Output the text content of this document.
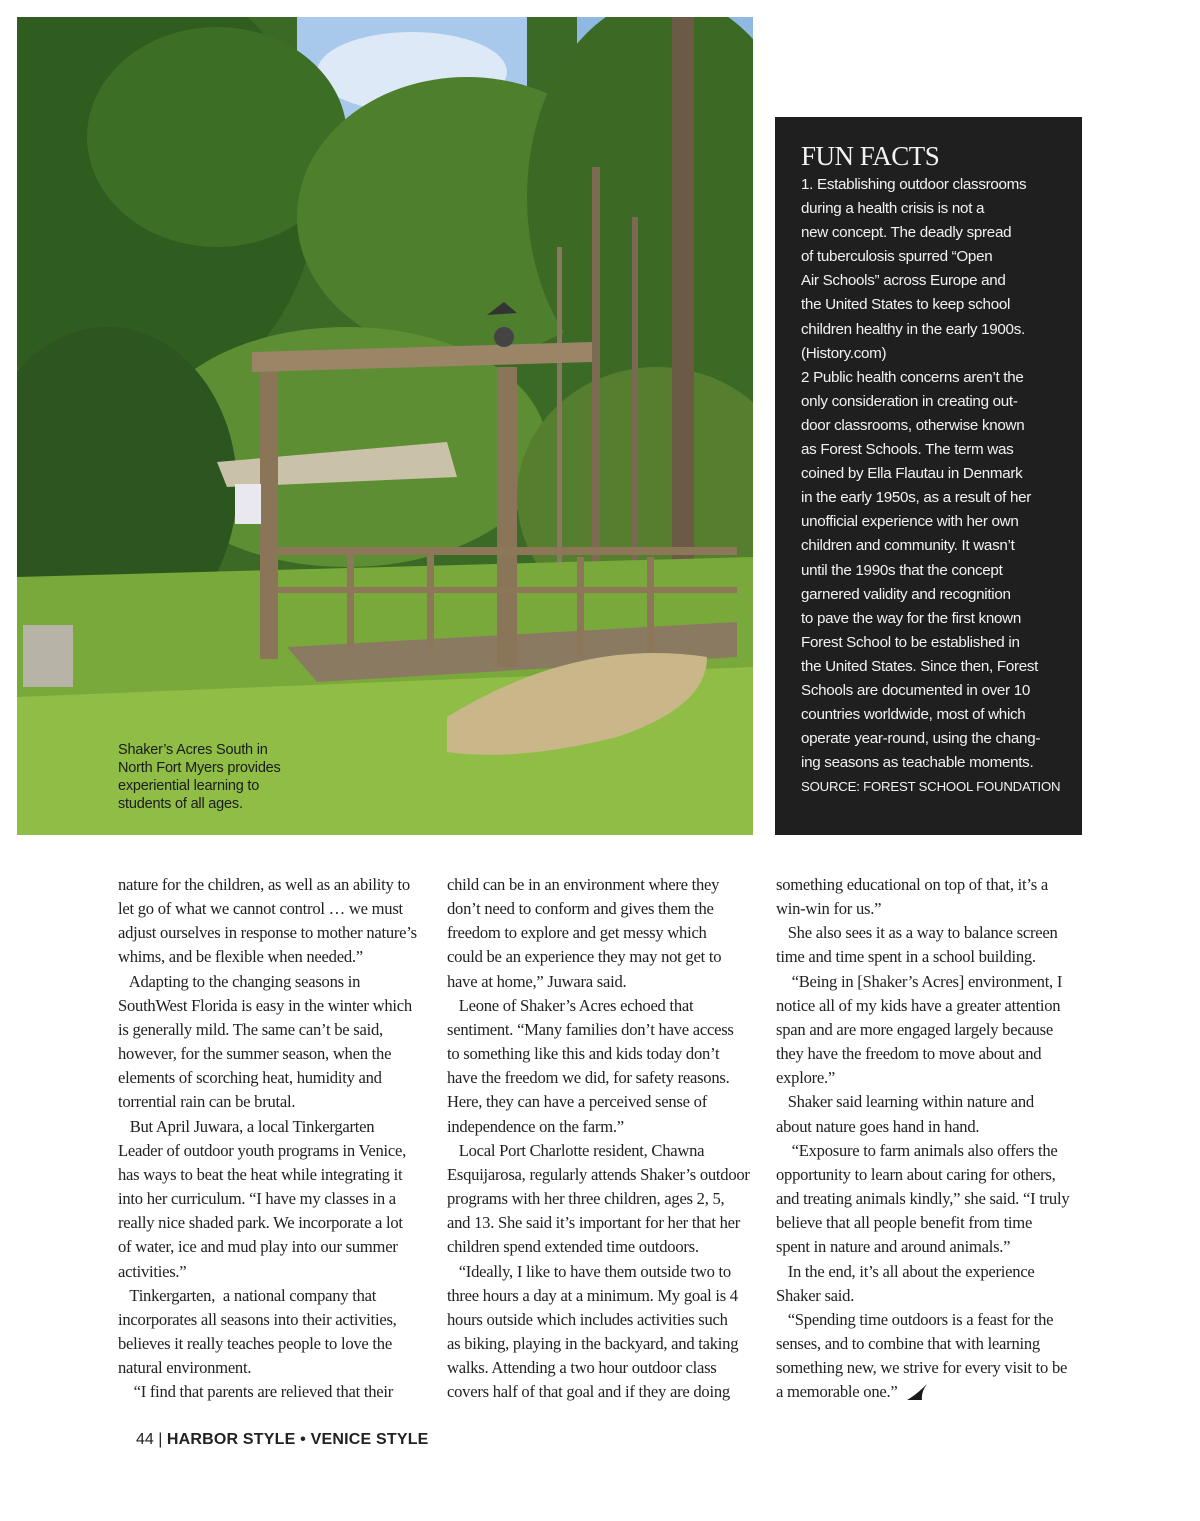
Shaker’s Acres South in North Fort Myers provides experiential learning to students of all ages.
FUN FACTS
1. Establishing outdoor classrooms
during a health crisis is not a
new concept. The deadly spread
of tuberculosis spurred “Open
Air Schools” across Europe and
the United States to keep school
children healthy in the early 1900s.
(History.com)
2 Public health concerns aren’t the
only consideration in creating out-
door classrooms, otherwise known
as Forest Schools. The term was
coined by Ella Flautau in Denmark
in the early 1950s, as a result of her
unofficial experience with her own
children and community. It wasn’t
until the 1990s that the concept
garnered validity and recognition
to pave the way for the first known
Forest School to be established in
the United States. Since then, Forest
Schools are documented in over 10
countries worldwide, most of which
operate year-round, using the chang-
ing seasons as teachable moments.
SOURCE: FOREST SCHOOL FOUNDATION
nature for the children, as well as an ability to
let go of what we cannot control … we must
adjust ourselves in response to mother nature’s
whims, and be flexible when needed.”
Adapting to the changing seasons in
SouthWest Florida is easy in the winter which
is generally mild. The same can’t be said,
however, for the summer season, when the
elements of scorching heat, humidity and
torrential rain can be brutal.
But April Juwara, a local Tinkergarten
Leader of outdoor youth programs in Venice,
has ways to beat the heat while integrating it
into her curriculum. “I have my classes in a
really nice shaded park. We incorporate a lot
of water, ice and mud play into our summer
activities.”
Tinkergarten,  a national company that
incorporates all seasons into their activities,
believes it really teaches people to love the
natural environment.
“I find that parents are relieved that their
child can be in an environment where they
don’t need to conform and gives them the
freedom to explore and get messy which
could be an experience they may not get to
have at home,” Juwara said.
Leone of Shaker’s Acres echoed that
sentiment. “Many families don’t have access
to something like this and kids today don’t
have the freedom we did, for safety reasons.
Here, they can have a perceived sense of
independence on the farm.”
Local Port Charlotte resident, Chawna
Esquijarosa, regularly attends Shaker’s outdoor
programs with her three children, ages 2, 5,
and 13. She said it’s important for her that her
children spend extended time outdoors.
“Ideally, I like to have them outside two to
three hours a day at a minimum. My goal is 4
hours outside which includes activities such
as biking, playing in the backyard, and taking
walks. Attending a two hour outdoor class
covers half of that goal and if they are doing
something educational on top of that, it’s a
win-win for us.”
She also sees it as a way to balance screen
time and time spent in a school building.
“Being in [Shaker’s Acres] environment, I
notice all of my kids have a greater attention
span and are more engaged largely because
they have the freedom to move about and
explore.”
Shaker said learning within nature and
about nature goes hand in hand.
“Exposure to farm animals also offers the
opportunity to learn about caring for others,
and treating animals kindly,” she said. “I truly
believe that all people benefit from time
spent in nature and around animals.”
In the end, it’s all about the experience
Shaker said.
“Spending time outdoors is a feast for the
senses, and to combine that with learning
something new, we strive for every visit to be
a memorable one.”
44 | HARBOR STYLE • VENICE STYLE
